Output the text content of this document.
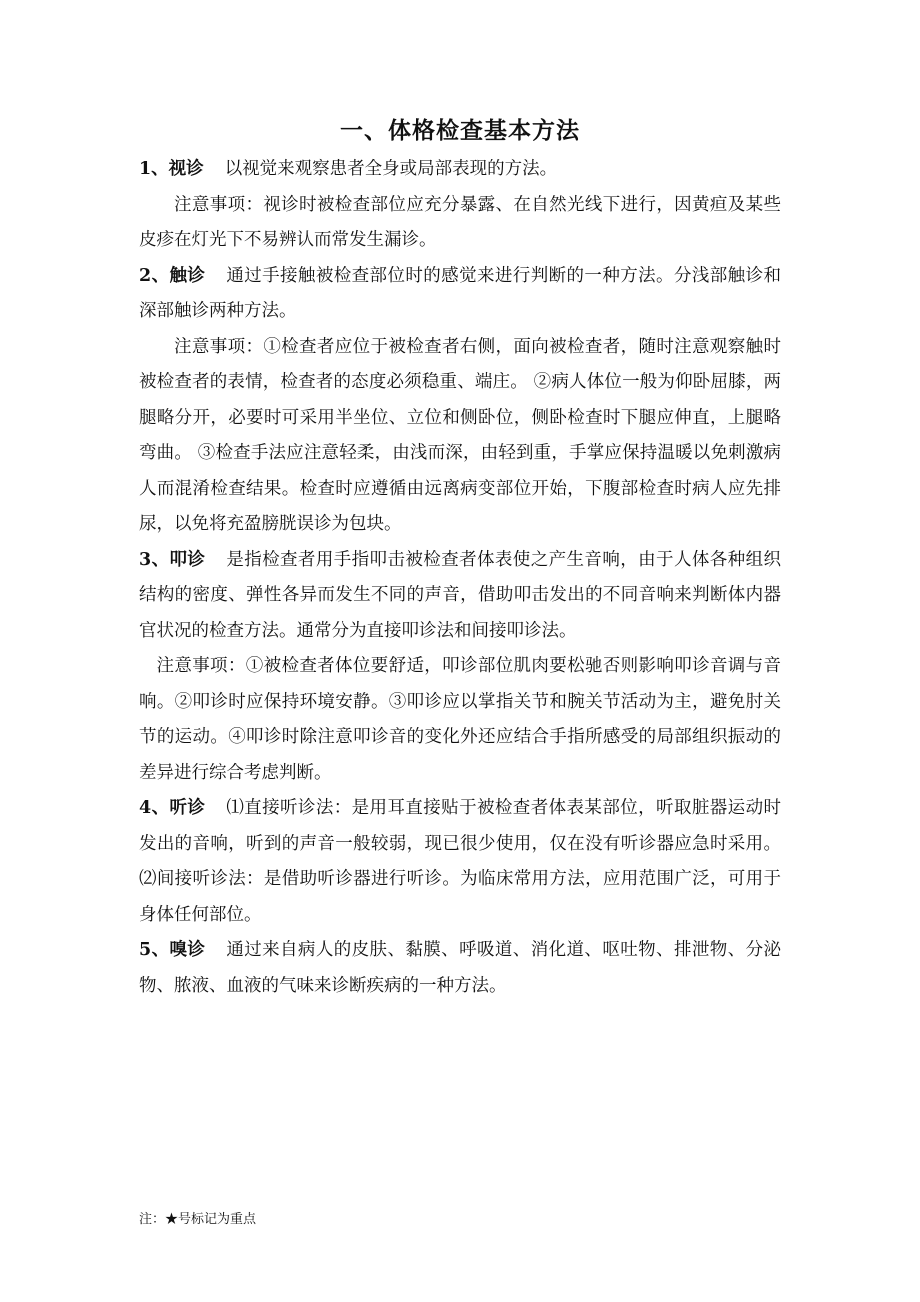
一、体格检查基本方法

1、视诊 以视觉来观察患者全身或局部表现的方法。

注意事项：视诊时被检查部位应充分暴露、在自然光线下进行，因黄疸及某些皮疹在灯光下不易辨认而常发生漏诊。

2、触诊 通过手接触被检查部位时的感觉来进行判断的一种方法。分浅部触诊和深部触诊两种方法。

注意事项：①检查者应位于被检查者右侧，面向被检查者，随时注意观察触时被检查者的表情，检查者的态度必须稳重、端庄。 ②病人体位一般为仰卧屈膝，两腿略分开，必要时可采用半坐位、立位和侧卧位，侧卧检查时下腿应伸直，上腿略弯曲。 ③检查手法应注意轻柔，由浅而深，由轻到重，手掌应保持温暖以免刺激病人而混淆检查结果。检查时应遵循由远离病变部位开始，下腹部检查时病人应先排尿，以免将充盈膀胱误诊为包块。

3、叩诊 是指检查者用手指叩击被检查者体表使之产生音响，由于人体各种组织结构的密度、弹性各异而发生不同的声音，借助叩击发出的不同音响来判断体内器官状况的检查方法。通常分为直接叩诊法和间接叩诊法。

注意事项：①被检查者体位要舒适，叩诊部位肌肉要松驰否则影响叩诊音调与音响。②叩诊时应保持环境安静。③叩诊应以掌指关节和腕关节活动为主，避免肘关节的运动。④叩诊时除注意叩诊音的变化外还应结合手指所感受的局部组织振动的差异进行综合考虑判断。

4、听诊 ⑴直接听诊法：是用耳直接贴于被检查者体表某部位，听取脏器运动时发出的音响，听到的声音一般较弱，现已很少使用，仅在没有听诊器应急时采用。⑵间接听诊法：是借助听诊器进行听诊。为临床常用方法，应用范围广泛，可用于身体任何部位。

5、嗅诊 通过来自病人的皮肤、黏膜、呼吸道、消化道、呕吐物、排泄物、分泌物、脓液、血液的气味来诊断疾病的一种方法。

注：★号标记为重点
